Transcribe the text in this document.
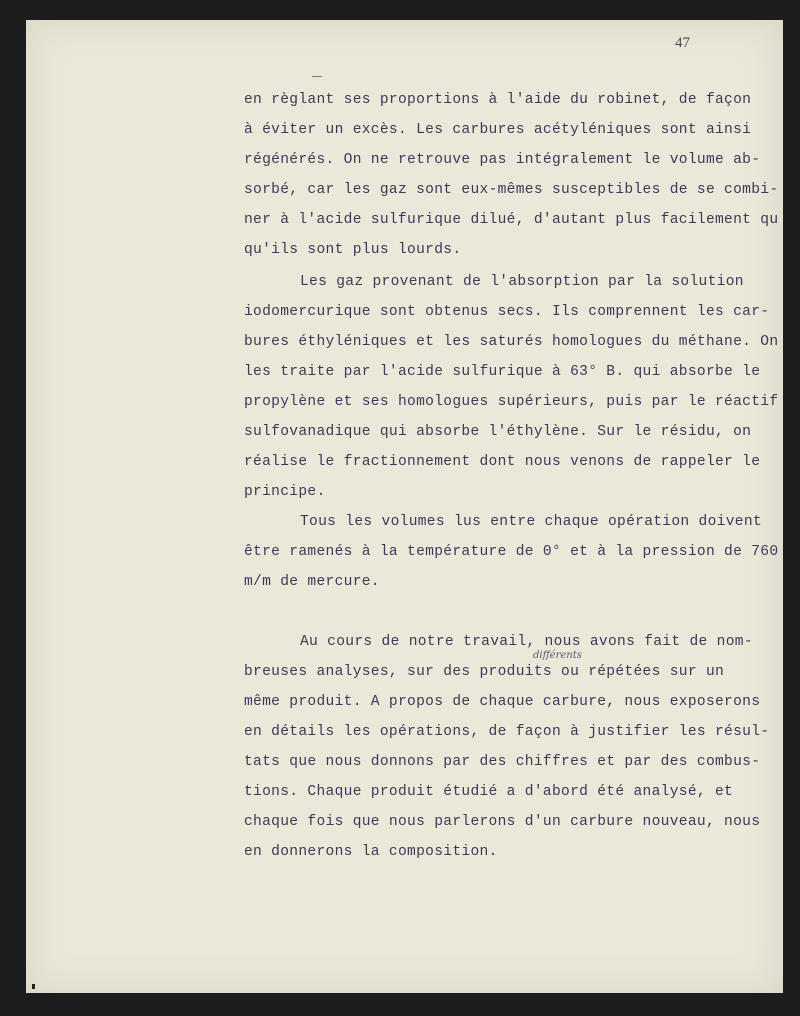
47
en règlant ses proportions à l'aide du robinet, de façon
à éviter un excès. Les carbures acétyléniques sont ainsi
régénérés. On ne retrouve pas intégralement le volume ab-
sorbé, car les gaz sont eux-mêmes susceptibles de se combi-
ner à l'acide sulfurique dilué, d'autant plus facilement qu
qu'ils sont plus lourds.
Les gaz provenant de l'absorption par la solution
iodomercurique sont obtenus secs. Ils comprennent les car-
bures éthyléniques et les saturés homologues du méthane. On
les traite par l'acide sulfurique à 63° B. qui absorbe le
propylène et ses homologues supérieurs, puis par le réactif
sulfovanadique qui absorbe l'éthylène. Sur le résidu, on
réalise le fractionnement dont nous venons de rappeler le
principe.
Tous les volumes lus entre chaque opération doivent
être ramenés à la température de 0° et à la pression de 760
m/m de mercure.
Au cours de notre travail, nous avons fait de nom-
différents
breuses analyses, sur des produits ou répétées sur un
même produit. A propos de chaque carbure, nous exposerons
en détails les opérations, de façon à justifier les résul-
tats que nous donnons par des chiffres et par des combus-
tions. Chaque produit étudié a d'abord été analysé, et
chaque fois que nous parlerons d'un carbure nouveau, nous
en donnerons la composition.
